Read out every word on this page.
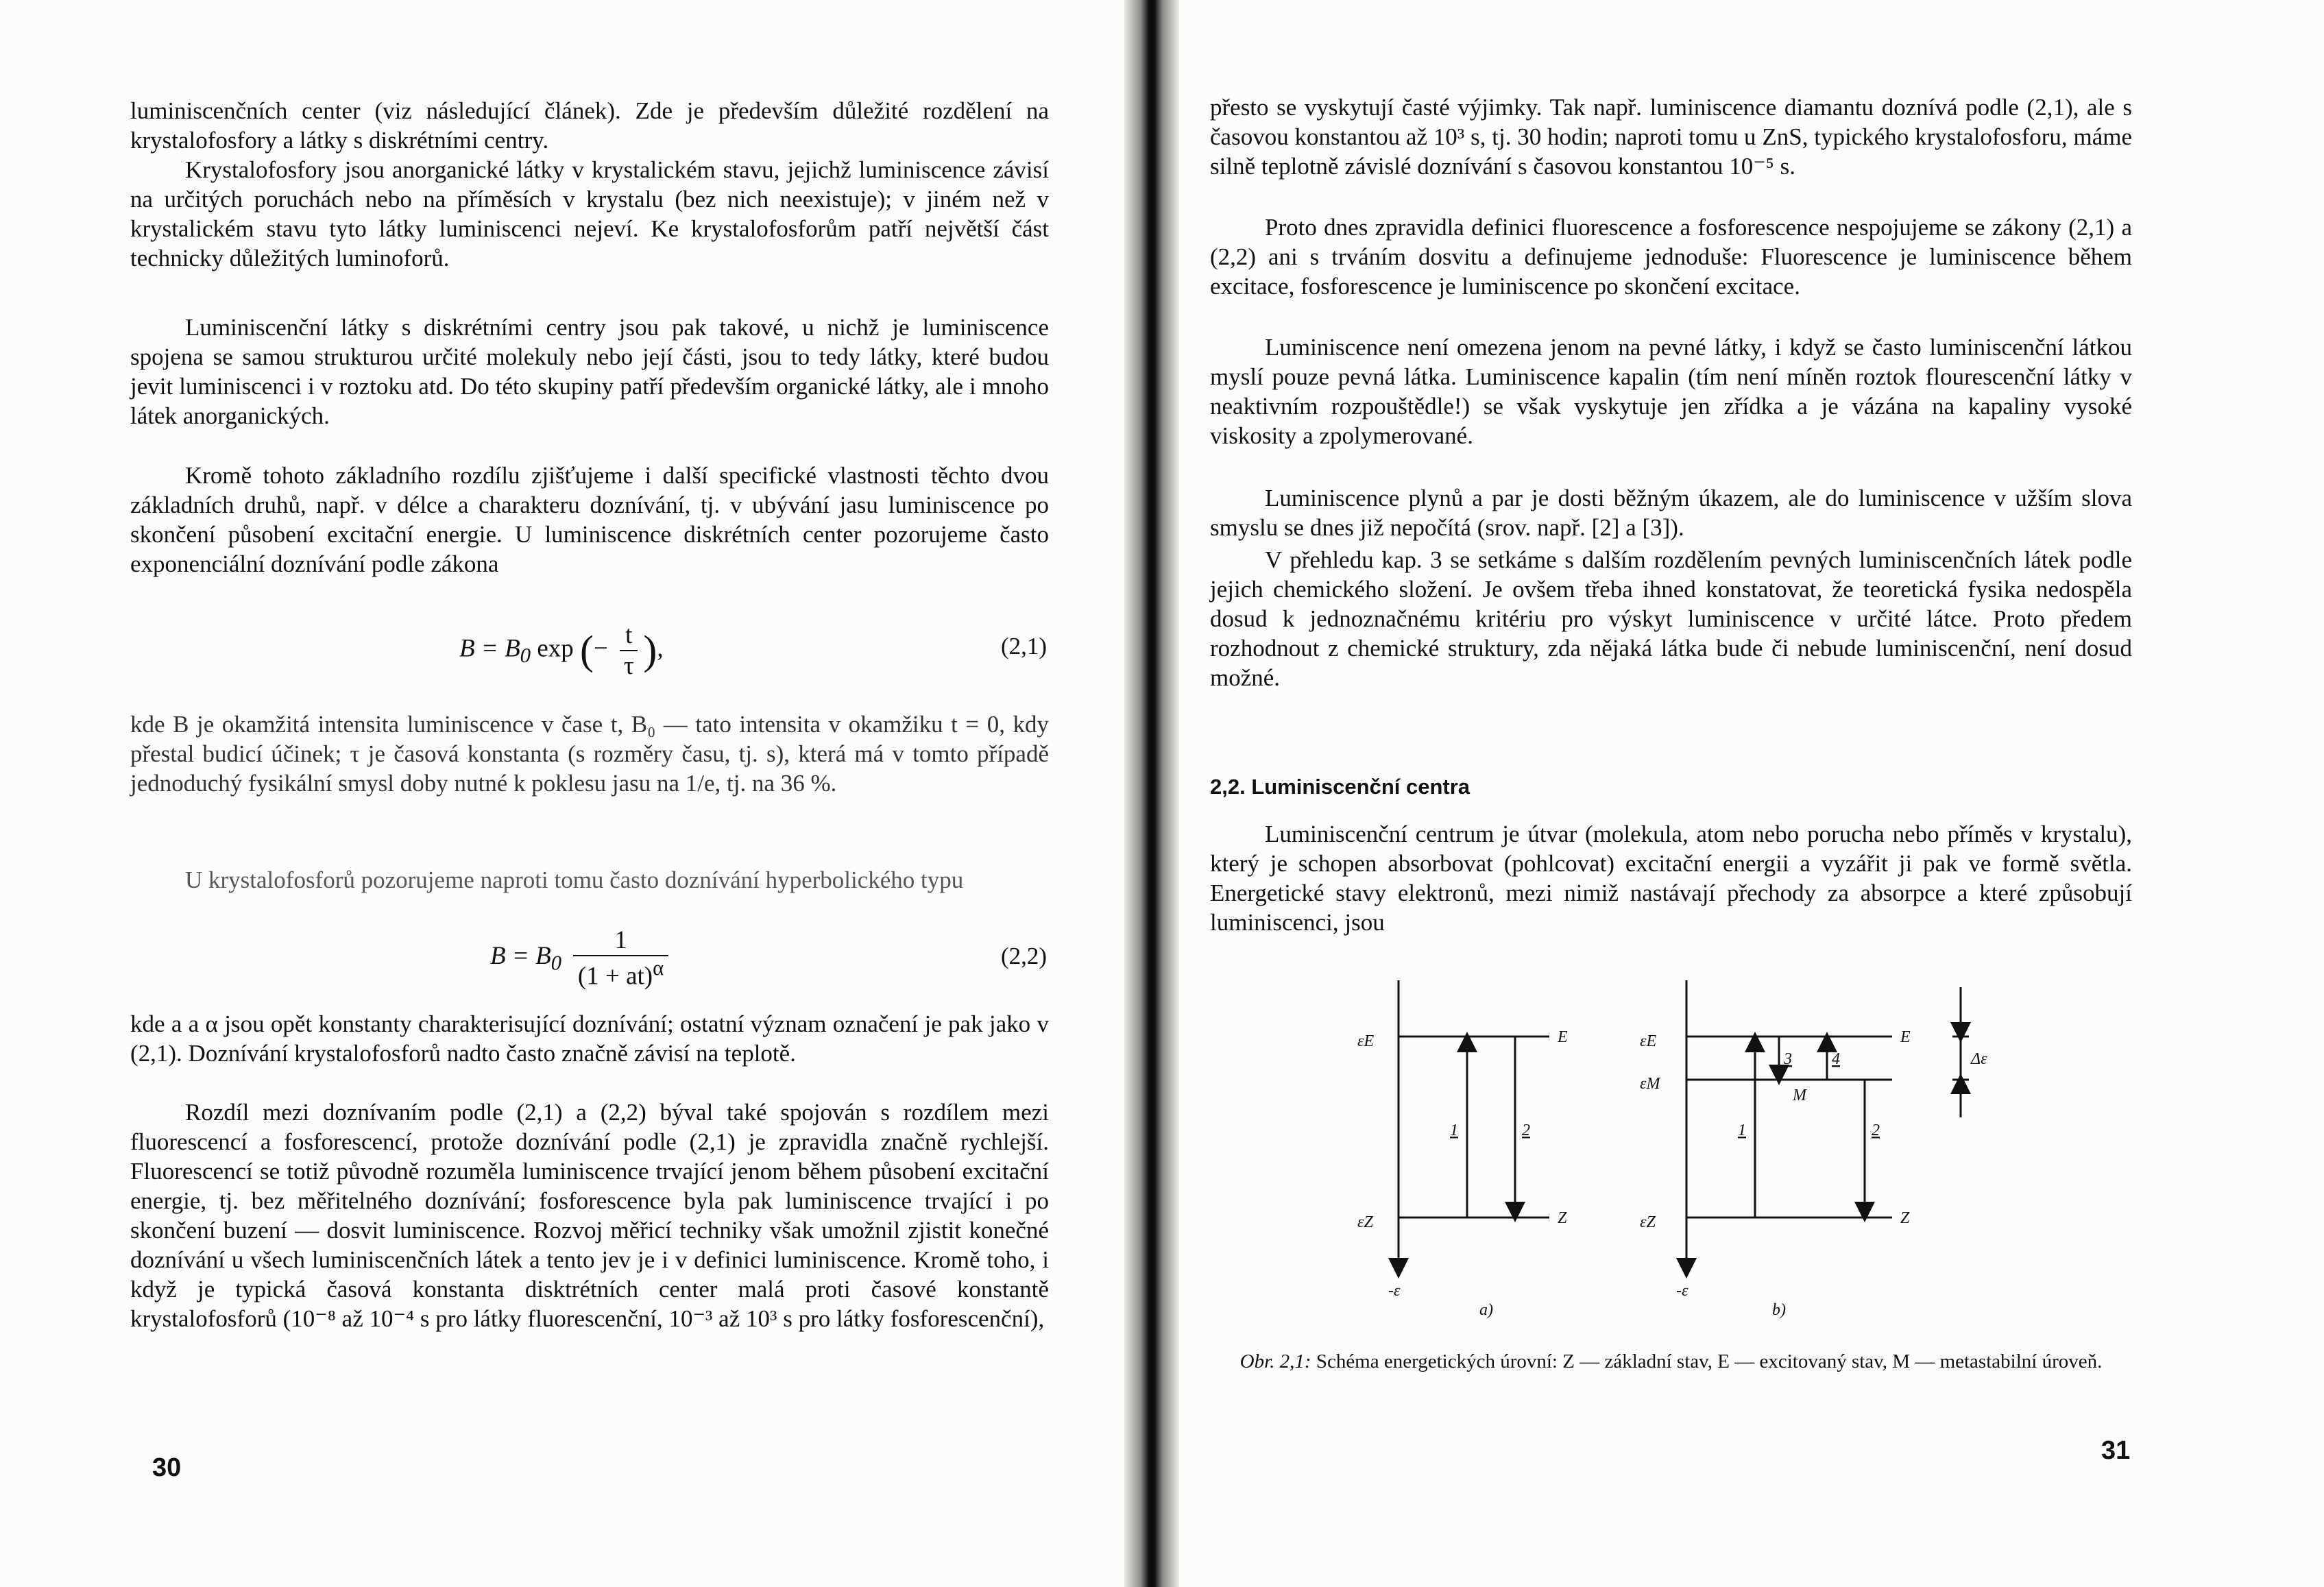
luminiscenčních center (viz následující článek). Zde je především důležité rozdělení na krystalofosfory a látky s diskrétními centry.

Krystalofosfory jsou anorganické látky v krystalickém stavu, jejichž luminiscence závisí na určitých poruchách nebo na příměsích v krystalu (bez nich neexistuje); v jiném než v krystalickém stavu tyto látky luminiscenci nejeví. Ke krystalofosforům patří největší část technicky důležitých luminoforů.

Luminiscenční látky s diskrétními centry jsou pak takové, u nichž je luminiscence spojena se samou strukturou určité molekuly nebo její části, jsou to tedy látky, které budou jevit luminiscenci i v roztoku atd. Do této skupiny patří především organické látky, ale i mnoho látek anorganických.

Kromě tohoto základního rozdílu zjišťujeme i další specifické vlastnosti těchto dvou základních druhů, např. v délce a charakteru doznívání, tj. v ubývání jasu luminiscence po skončení působení excitační energie. U luminiscence diskrétních center pozorujeme často exponenciální doznívání podle zákona

$B = B_0$ exp (− $\frac{t}{\tau}$ ),	(2,1)

kde B je okamžitá intensita luminiscence v čase t, B₀ — tato intensita v okamžiku t = 0, kdy přestal budicí účinek; τ je časová konstanta (s rozměry času, tj. s), která má v tomto případě jednoduchý fysikální smysl doby nutné k poklesu jasu na 1/e, tj. na 36 %.

U krystalofosforů pozorujeme naproti tomu často doznívání hyperbolického typu

$B = B_0 \frac{1}{(1 + at)^\alpha}$	(2,2)

kde a a α jsou opět konstanty charakterisující doznívání; ostatní význam označení je pak jako v (2,1). Doznívání krystalofosforů nadto často značně závisí na teplotě.

Rozdíl mezi doznívaním podle (2,1) a (2,2) býval také spojován s rozdílem mezi fluorescencí a fosforescencí, protože doznívání podle (2,1) je zpravidla značně rychlejší. Fluorescencí se totiž původně rozuměla luminiscence trvající jenom během působení excitační energie, tj. bez měřitelného doznívání; fosforescence byla pak luminiscence trvající i po skončení buzení — dosvit luminiscence. Rozvoj měřicí techniky však umožnil zjistit konečné doznívání u všech luminiscenčních látek a tento jev je i v definici luminiscence. Kromě toho, i když je typická časová konstanta disktrétních center malá proti časové konstantě krystalofosforů (10⁻⁸ až 10⁻⁴ s pro látky fluorescenční, 10⁻³ až 10³ s pro látky fosforescenční),

30

přesto se vyskytují časté výjimky. Tak např. luminiscence diamantu doznívá podle (2,1), ale s časovou konstantou až 10³ s, tj. 30 hodin; naproti tomu u ZnS, typického krystalofosforu, máme silně teplotně závislé doznívání s časovou konstantou 10⁻⁵ s.

Proto dnes zpravidla definici fluorescence a fosforescence nespojujeme se zákony (2,1) a (2,2) ani s trváním dosvitu a definujeme jednoduše: Fluorescence je luminiscence během excitace, fosforescence je luminiscence po skončení excitace.

Luminiscence není omezena jenom na pevné látky, i když se často luminiscenční látkou myslí pouze pevná látka. Luminiscence kapalin (tím není míněn roztok flourescenční látky v neaktivním rozpouštědle!) se však vyskytuje jen zřídka a je vázána na kapaliny vysoké viskosity a zpolymerované.

Luminiscence plynů a par je dosti běžným úkazem, ale do luminiscence v užším slova smyslu se dnes již nepočítá (srov. např. [2] a [3]).

V přehledu kap. 3 se setkáme s dalším rozdělením pevných luminiscenčních látek podle jejich chemického složení. Je ovšem třeba ihned konstatovat, že teoretická fysika nedospěla dosud k jednoznačnému kritériu pro výskyt luminiscence v určité látce. Proto předem rozhodnout z chemické struktury, zda nějaká látka bude či nebude luminiscenční, není dosud možné.

2,2. Luminiscenční centra

Luminiscenční centrum je útvar (molekula, atom nebo porucha nebo příměs v krystalu), který je schopen absorbovat (pohlcovat) excitační energii a vyzářit ji pak ve formě světla. Energetické stavy elektronů, mezi nimiž nastávají přechody za absorpce a které způsobují luminiscenci, jsou

εE
εZ
E
Z
1	2
-ε
a)
εE
εM
εZ
E
Z
M
1	2
3 4
-ε
b)
Δε
Obr. 2,1: Schéma energetických úrovní: Z — základní stav, E — excitovaný stav, M — metastabilní úroveň.
31
